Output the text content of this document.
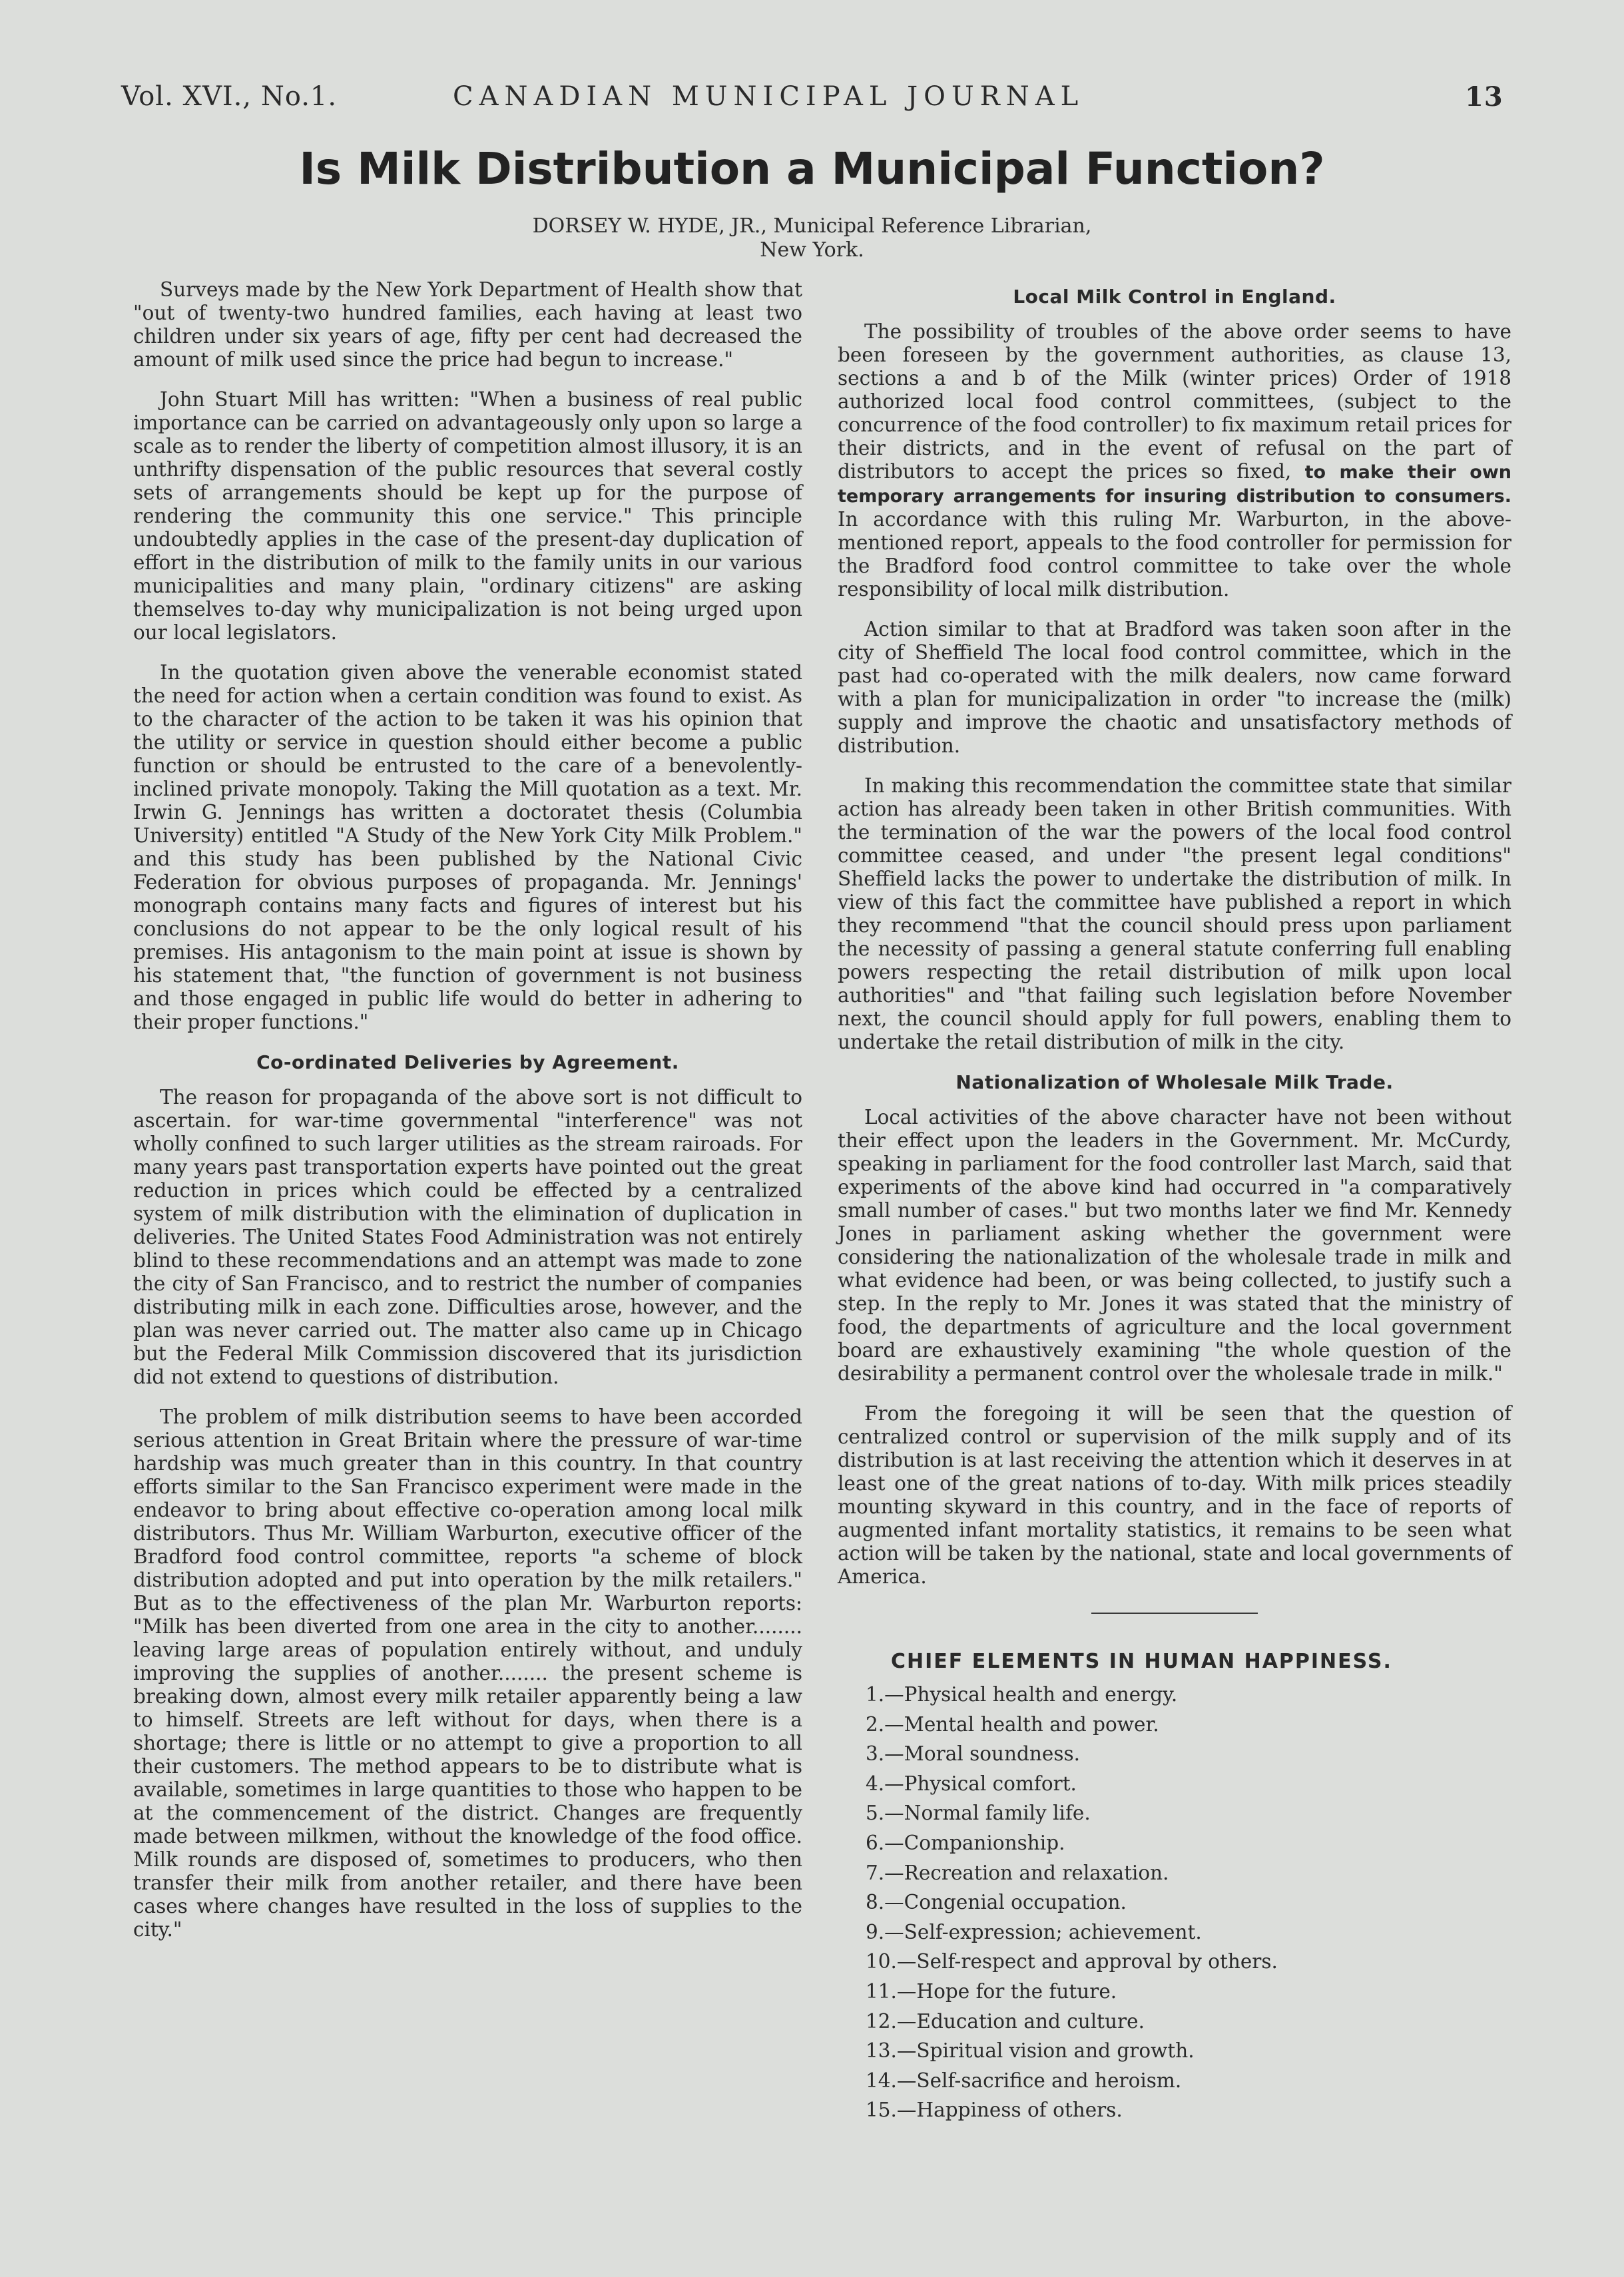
Vol. XVI., No.1.	CANADIAN MUNICIPAL JOURNAL	13
Is Milk Distribution a Municipal Function?
DORSEY W. HYDE, JR., Municipal Reference Librarian,
New York.

Surveys made by the New York Department of Health show that "out of twenty-two hundred families, each having at least two children under six years of age, fifty per cent had decreased the amount of milk used since the price had begun to increase."

John Stuart Mill has written: "When a business of real public importance can be carried on advantageously only upon so large a scale as to render the liberty of competition almost illusory, it is an unthrifty dispensation of the public resources that several costly sets of arrangements should be kept up for the purpose of rendering the community this one service." This principle undoubtedly applies in the case of the present-day duplication of effort in the distribution of milk to the family units in our various municipalities and many plain, "ordinary citizens" are asking themselves to-day why municipalization is not being urged upon our local legislators.

In the quotation given above the venerable economist stated the need for action when a certain condition was found to exist. As to the character of the action to be taken it was his opinion that the utility or service in question should either become a public function or should be entrusted to the care of a benevolently-inclined private monopoly. Taking the Mill quotation as a text. Mr. Irwin G. Jennings has written a doctoratet thesis (Columbia University) entitled "A Study of the New York City Milk Problem." and this study has been published by the National Civic Federation for obvious purposes of propaganda. Mr. Jennings' monograph contains many facts and figures of interest but his conclusions do not appear to be the only logical result of his premises. His antagonism to the main point at issue is shown by his statement that, "the function of government is not business and those engaged in public life would do better in adhering to their proper functions."

Co-ordinated Deliveries by Agreement.

The reason for propaganda of the above sort is not difficult to ascertain. for war-time governmental "interference" was not wholly confined to such larger utilities as the stream rairoads. For many years past transportation experts have pointed out the great reduction in prices which could be effected by a centralized system of milk distribution with the elimination of duplication in deliveries. The United States Food Administration was not entirely blind to these recommendations and an attempt was made to zone the city of San Francisco, and to restrict the number of companies distributing milk in each zone. Difficulties arose, however, and the plan was never carried out. The matter also came up in Chicago but the Federal Milk Commission discovered that its jurisdiction did not extend to questions of distribution.

The problem of milk distribution seems to have been accorded serious attention in Great Britain where the pressure of war-time hardship was much greater than in this country. In that country efforts similar to the San Francisco experiment were made in the endeavor to bring about effective co-operation among local milk distributors. Thus Mr. William Warburton, executive officer of the Bradford food control committee, reports "a scheme of block distribution adopted and put into operation by the milk retailers." But as to the effectiveness of the plan Mr. Warburton reports: "Milk has been diverted from one area in the city to another........ leaving large areas of population entirely without, and unduly improving the supplies of another........ the present scheme is breaking down, almost every milk retailer apparently being a law to himself. Streets are left without for days, when there is a shortage; there is little or no attempt to give a proportion to all their customers. The method appears to be to distribute what is available, sometimes in large quantities to those who happen to be at the commencement of the district. Changes are frequently made between milkmen, without the knowledge of the food office. Milk rounds are disposed of, sometimes to producers, who then transfer their milk from another retailer, and there have been cases where changes have resulted in the loss of supplies to the city."

Local Milk Control in England.

The possibility of troubles of the above order seems to have been foreseen by the government authorities, as clause 13, sections a and b of the Milk (winter prices) Order of 1918 authorized local food control committees, (subject to the concurrence of the food controller) to fix maximum retail prices for their districts, and in the event of refusal on the part of distributors to accept the prices so fixed, to make their own temporary arrangements for insuring distribution to consumers. In accordance with this ruling Mr. Warburton, in the above-mentioned report, appeals to the food controller for permission for the Bradford food control committee to take over the whole responsibility of local milk distribution.

Action similar to that at Bradford was taken soon after in the city of Sheffield The local food control committee, which in the past had co-operated with the milk dealers, now came forward with a plan for municipalization in order "to increase the (milk) supply and improve the chaotic and unsatisfactory methods of distribution.

In making this recommendation the committee state that similar action has already been taken in other British communities. With the termination of the war the powers of the local food control committee ceased, and under "the present legal conditions" Sheffield lacks the power to undertake the distribution of milk. In view of this fact the committee have published a report in which they recommend "that the council should press upon parliament the necessity of passing a general statute conferring full enabling powers respecting the retail distribution of milk upon local authorities" and "that failing such legislation before November next, the council should apply for full powers, enabling them to undertake the retail distribution of milk in the city.

Nationalization of Wholesale Milk Trade.

Local activities of the above character have not been without their effect upon the leaders in the Government. Mr. McCurdy, speaking in parliament for the food controller last March, said that experiments of the above kind had occurred in "a comparatively small number of cases." but two months later we find Mr. Kennedy Jones in parliament asking whether the government were considering the nationalization of the wholesale trade in milk and what evidence had been, or was being collected, to justify such a step. In the reply to Mr. Jones it was stated that the ministry of food, the departments of agriculture and the local government board are exhaustively examining "the whole question of the desirability a permanent control over the wholesale trade in milk."

From the foregoing it will be seen that the question of centralized control or supervision of the milk supply and of its distribution is at last receiving the attention which it deserves in at least one of the great nations of to-day. With milk prices steadily mounting skyward in this country, and in the face of reports of augmented infant mortality statistics, it remains to be seen what action will be taken by the national, state and local governments of America.

CHIEF ELEMENTS IN HUMAN HAPPINESS.
1.—Physical health and energy.
2.—Mental health and power.
3.—Moral soundness.
4.—Physical comfort.
5.—Normal family life.
6.—Companionship.
7.—Recreation and relaxation.
8.—Congenial occupation.
9.—Self-expression; achievement.
10.—Self-respect and approval by others.
11.—Hope for the future.
12.—Education and culture.
13.—Spiritual vision and growth.
14.—Self-sacrifice and heroism.
15.—Happiness of others.
